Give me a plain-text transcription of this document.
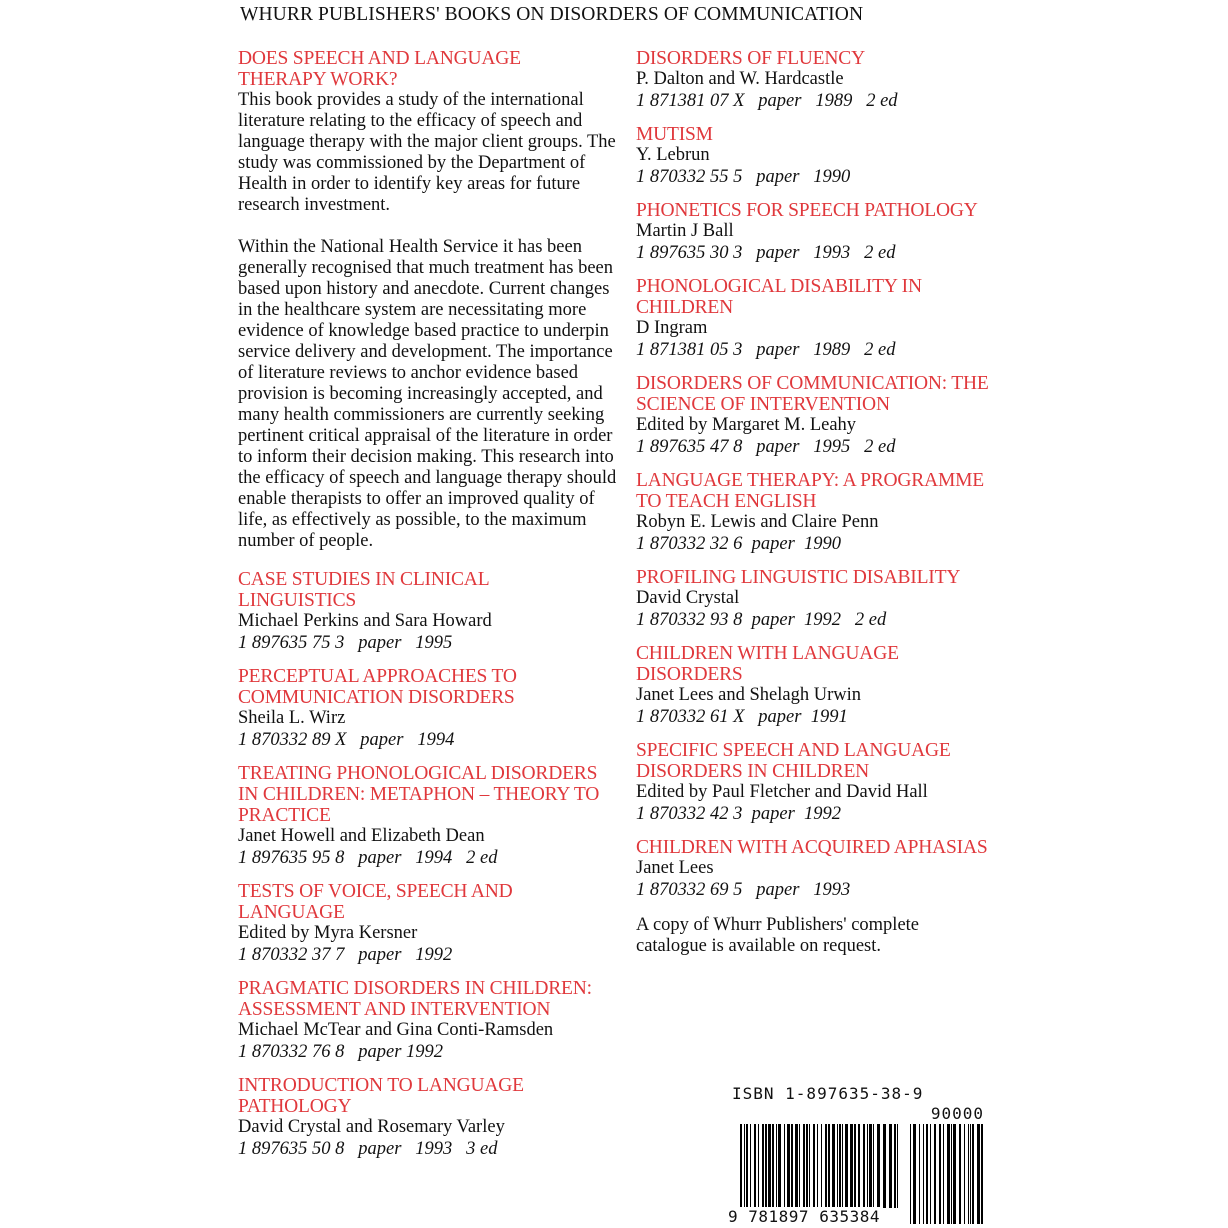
WHURR PUBLISHERS' BOOKS ON DISORDERS OF COMMUNICATION
DOES SPEECH AND LANGUAGE THERAPY WORK?

This book provides a study of the international literature relating to the efficacy of speech and language therapy with the major client groups. The study was commissioned by the Department of Health in order to identify key areas for future research investment.

Within the National Health Service it has been generally recognised that much treatment has been based upon history and anecdote. Current changes in the healthcare system are necessitating more evidence of knowledge based practice to underpin service delivery and development. The importance of literature reviews to anchor evidence based provision is becoming increasingly accepted, and many health commissioners are currently seeking pertinent critical appraisal of the literature in order to inform their decision making. This research into the efficacy of speech and language therapy should enable therapists to offer an improved quality of life, as effectively as possible, to the maximum number of people.

CASE STUDIES IN CLINICAL LINGUISTICS
Michael Perkins and Sara Howard
1 897635 75 3   paper   1995
PERCEPTUAL APPROACHES TO COMMUNICATION DISORDERS
Sheila L. Wirz
1 870332 89 X   paper   1994
TREATING PHONOLOGICAL DISORDERS IN CHILDREN: METAPHON – THEORY TO PRACTICE
Janet Howell and Elizabeth Dean
1 897635 95 8   paper   1994   2 ed
TESTS OF VOICE, SPEECH AND LANGUAGE
Edited by Myra Kersner
1 870332 37 7   paper   1992
PRAGMATIC DISORDERS IN CHILDREN: ASSESSMENT AND INTERVENTION
Michael McTear and Gina Conti-Ramsden
1 870332 76 8   paper 1992
INTRODUCTION TO LANGUAGE PATHOLOGY
David Crystal and Rosemary Varley
1 897635 50 8   paper   1993   3 ed
DISORDERS OF FLUENCY
P. Dalton and W. Hardcastle
1 871381 07 X   paper   1989   2 ed
MUTISM
Y. Lebrun
1 870332 55 5   paper   1990
PHONETICS FOR SPEECH PATHOLOGY
Martin J Ball
1 897635 30 3   paper   1993   2 ed
PHONOLOGICAL DISABILITY IN CHILDREN
D Ingram
1 871381 05 3   paper   1989   2 ed
DISORDERS OF COMMUNICATION: THE SCIENCE OF INTERVENTION
Edited by Margaret M. Leahy
1 897635 47 8   paper   1995   2 ed
LANGUAGE THERAPY: A PROGRAMME TO TEACH ENGLISH
Robyn E. Lewis and Claire Penn
1 870332 32 6  paper  1990
PROFILING LINGUISTIC DISABILITY
David Crystal
1 870332 93 8  paper  1992   2 ed
CHILDREN WITH LANGUAGE DISORDERS
Janet Lees and Shelagh Urwin
1 870332 61 X   paper  1991
SPECIFIC SPEECH AND LANGUAGE DISORDERS IN CHILDREN
Edited by Paul Fletcher and David Hall
1 870332 42 3  paper  1992
CHILDREN WITH ACQUIRED APHASIAS
Janet Lees
1 870332 69 5   paper   1993
A copy of Whurr Publishers' complete catalogue is available on request.
ISBN 1-897635-38-9
90000
9 781897 635384
